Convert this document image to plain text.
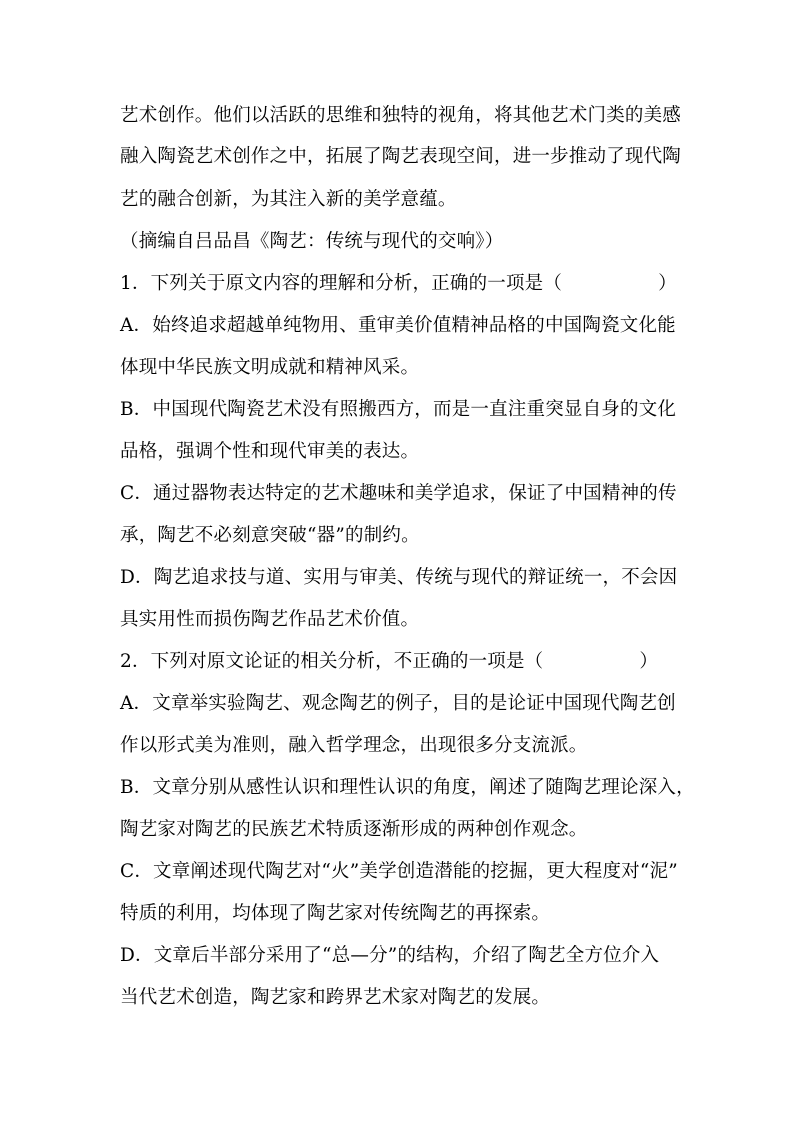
艺术创作。他们以活跃的思维和独特的视角，将其他艺术门类的美感
融入陶瓷艺术创作之中，拓展了陶艺表现空间，进一步推动了现代陶
艺的融合创新，为其注入新的美学意蕴。
（摘编自吕品昌《陶艺：传统与现代的交响》）
1．下列关于原文内容的理解和分析，正确的一项是（	）
A．始终追求超越单纯物用、重审美价值精神品格的中国陶瓷文化能
体现中华民族文明成就和精神风采。
B．中国现代陶瓷艺术没有照搬西方，而是一直注重突显自身的文化
品格，强调个性和现代审美的表达。
C．通过器物表达特定的艺术趣味和美学追求，保证了中国精神的传
承，陶艺不必刻意突破“器”的制约。
D．陶艺追求技与道、实用与审美、传统与现代的辩证统一，不会因
具实用性而损伤陶艺作品艺术价值。
2．下列对原文论证的相关分析，不正确的一项是（	）
A．文章举实验陶艺、观念陶艺的例子，目的是论证中国现代陶艺创
作以形式美为准则，融入哲学理念，出现很多分支流派。
B．文章分别从感性认识和理性认识的角度，阐述了随陶艺理论深入，
陶艺家对陶艺的民族艺术特质逐渐形成的两种创作观念。
C．文章阐述现代陶艺对“火”美学创造潜能的挖掘，更大程度对“泥”
特质的利用，均体现了陶艺家对传统陶艺的再探索。
D．文章后半部分采用了“总—分”的结构，介绍了陶艺全方位介入
当代艺术创造，陶艺家和跨界艺术家对陶艺的发展。
